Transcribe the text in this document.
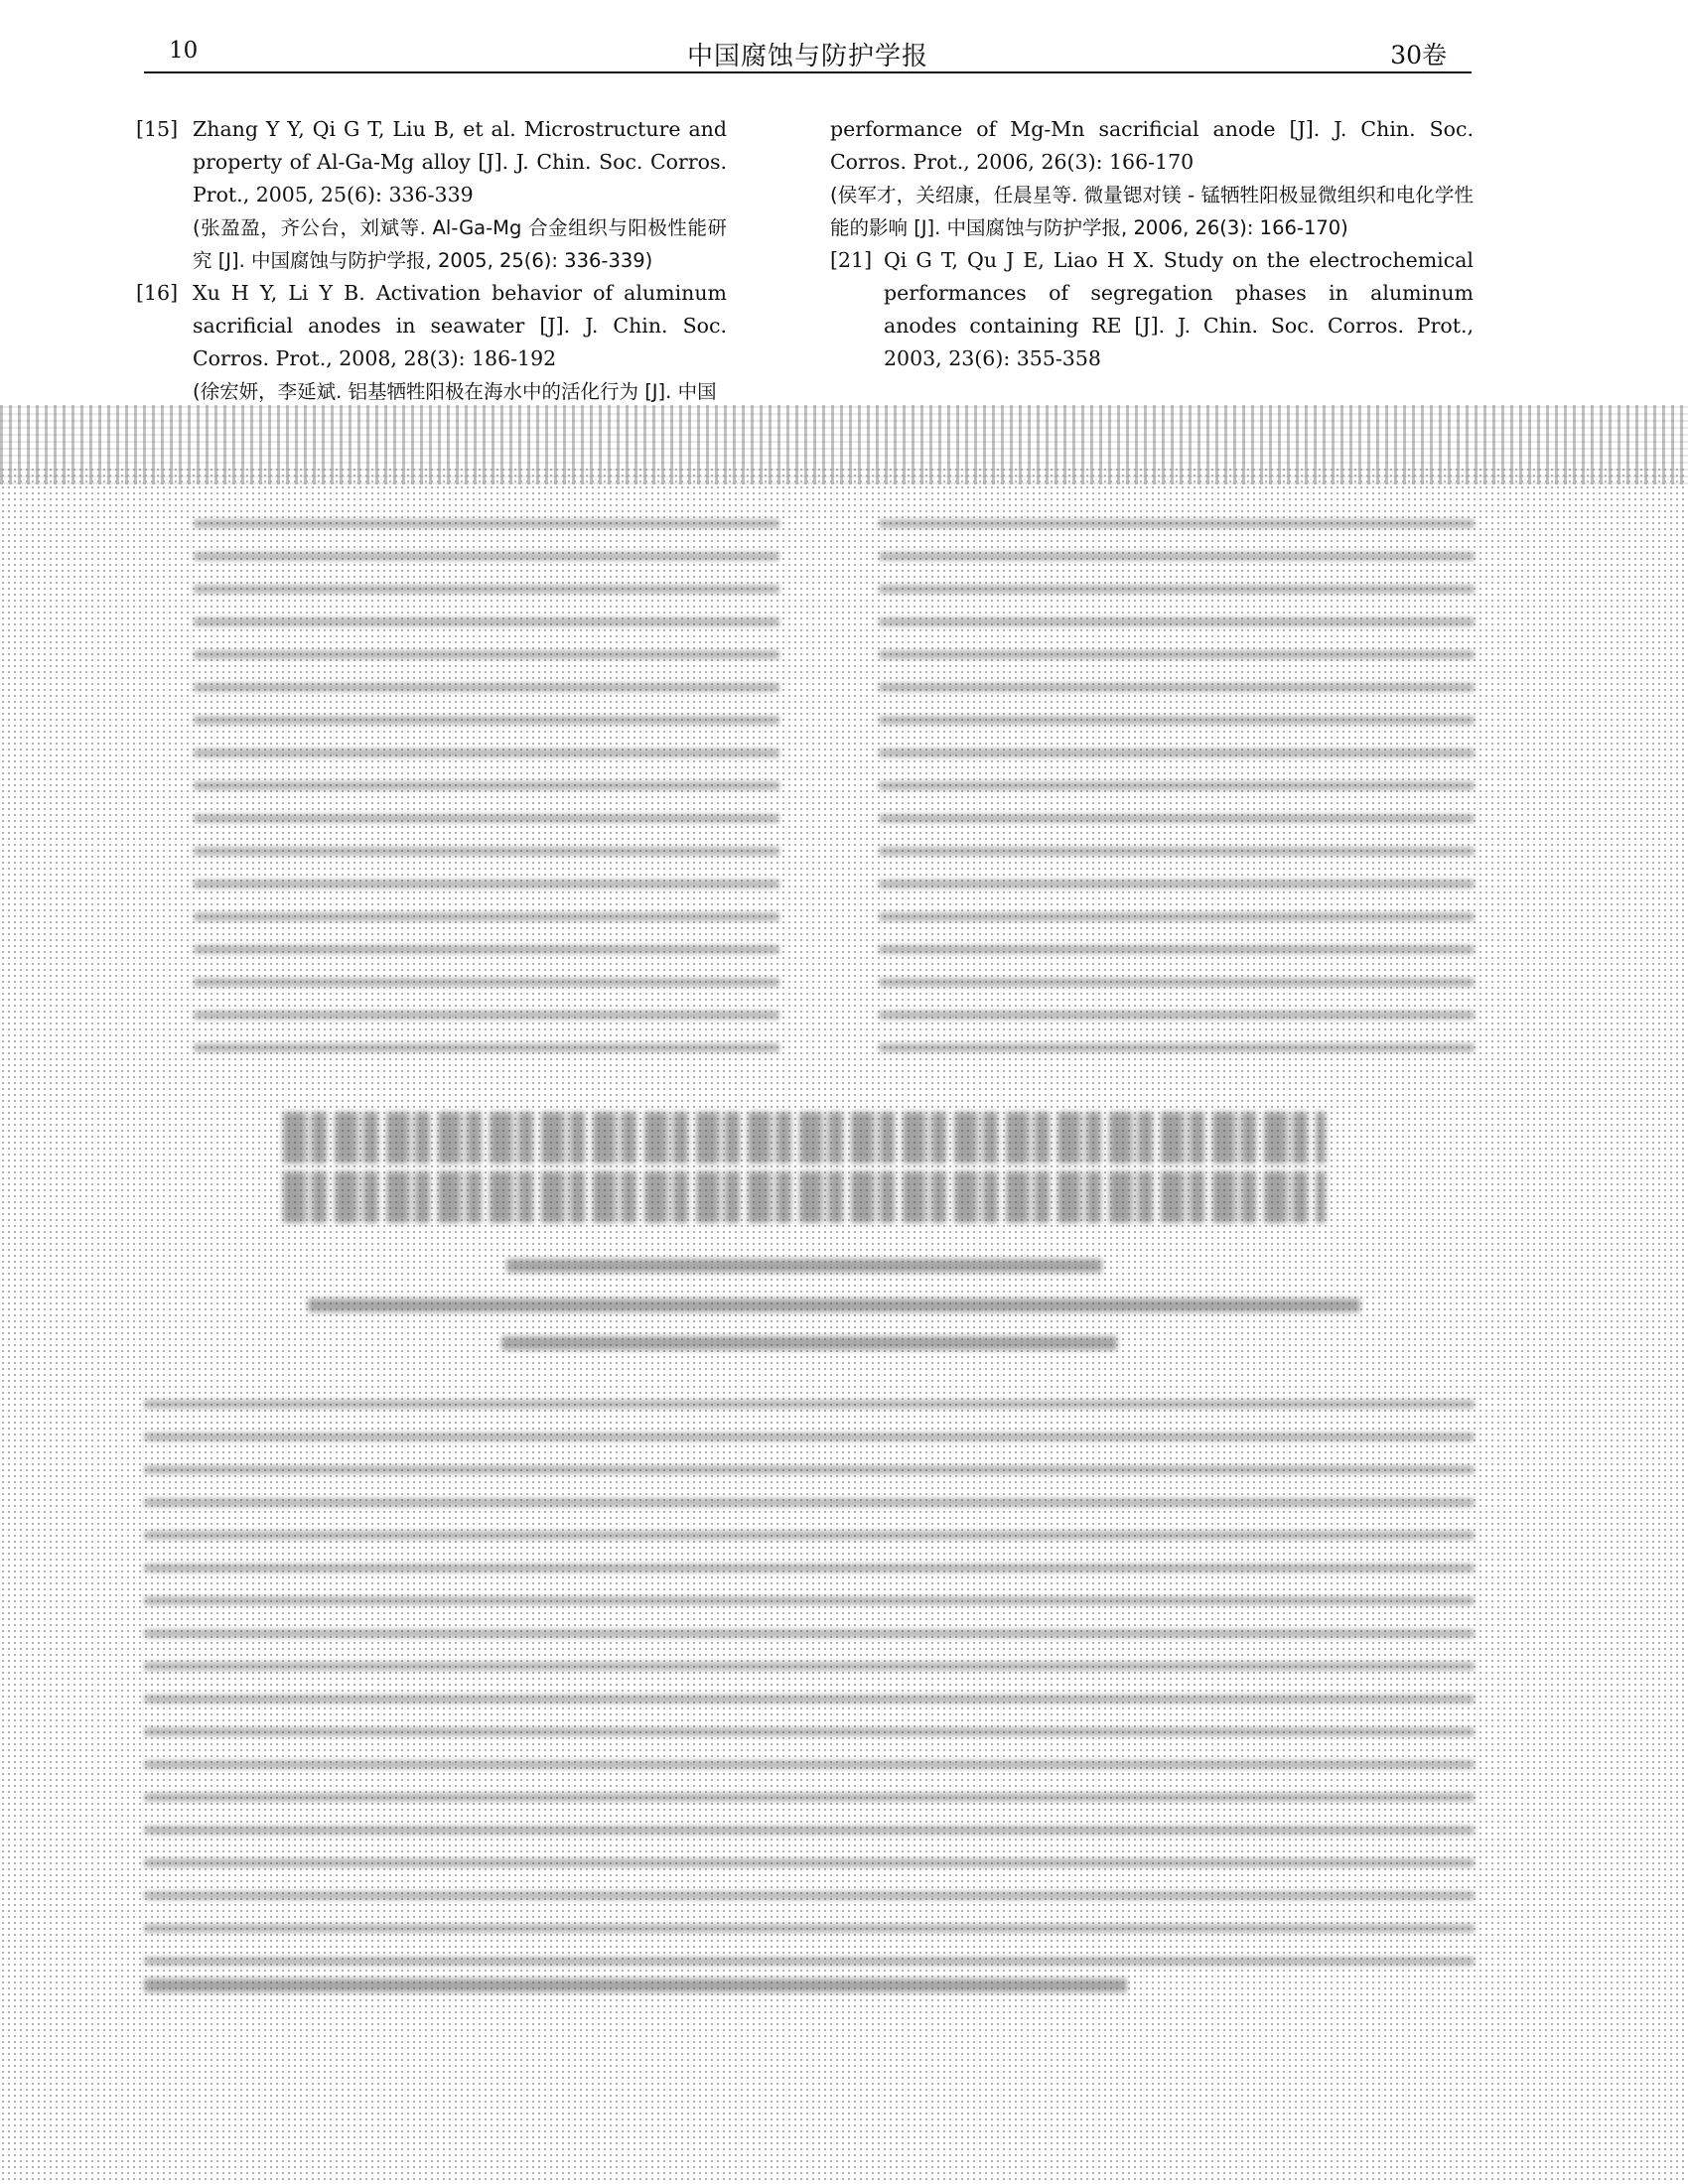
10	中国腐蚀与防护学报	30卷
[15] Zhang Y Y, Qi G T, Liu B, et al. Microstructure and property of Al-Ga-Mg alloy [J]. J. Chin. Soc. Corros. Prot., 2005, 25(6): 336-339
(张盈盈，齐公台，刘斌等. Al-Ga-Mg 合金组织与阳极性能研究 [J]. 中国腐蚀与防护学报, 2005, 25(6): 336-339)
[16] Xu H Y, Li Y B. Activation behavior of aluminum sacrificial anodes in seawater [J]. J. Chin. Soc. Corros. Prot., 2008, 28(3): 186-192
(徐宏妍，李延斌. 铝基牺牲阳极在海水中的活化行为 [J]. 中国
performance of Mg-Mn sacrificial anode [J]. J. Chin. Soc. Corros. Prot., 2006, 26(3): 166-170
(侯军才，关绍康，任晨星等. 微量锶对镁 - 锰牺牲阳极显微组织和电化学性能的影响 [J]. 中国腐蚀与防护学报, 2006, 26(3): 166-170)
[21] Qi G T, Qu J E, Liao H X. Study on the electrochemical performances of segregation phases in aluminum anodes containing RE [J]. J. Chin. Soc. Corros. Prot., 2003, 23(6): 355-358
